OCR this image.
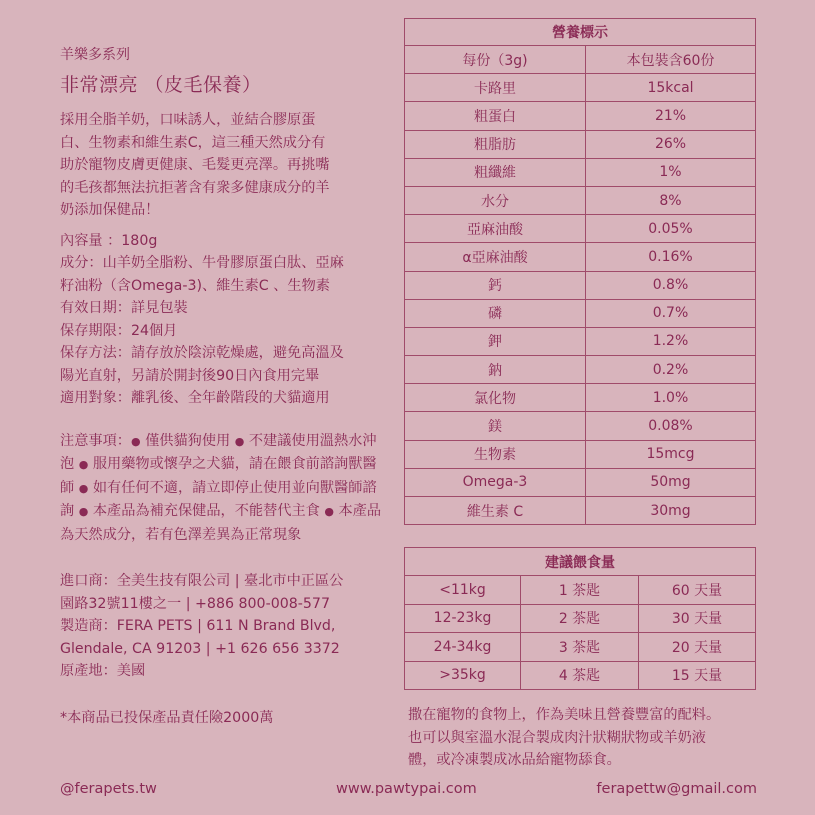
羊樂多系列
非常漂亮 （皮毛保養）
採用全脂羊奶，口味誘人，並結合膠原蛋
白、生物素和維生素C，這三種天然成分有
助於寵物皮膚更健康、毛髮更亮澤。再挑嘴
的毛孩都無法抗拒著含有衆多健康成分的羊
奶添加保健品！
內容量 ：180g
成分：山羊奶全脂粉、牛骨膠原蛋白肽、亞麻
籽油粉（含Omega-3)、維生素C 、生物素
有效日期：詳見包裝
保存期限：24個月
保存方法：請存放於陰涼乾燥處，避免高溫及
陽光直射，另請於開封後90日內食用完畢
適用對象：離乳後、全年齡階段的犬貓適用
注意事項：● 僅供貓狗使用 ● 不建議使用溫熱水沖泡 ● 服用藥物或懷孕之犬貓，請在餵食前諮詢獸醫師 ● 如有任何不適，請立即停止使用並向獸醫師諮詢 ● 本產品為補充保健品，不能替代主食 ● 本產品為天然成分，若有色澤差異為正常現象
進口商：全美生技有限公司 | 臺北市中正區公
園路32號11樓之一 | +886 800-008-577
製造商：FERA PETS | 611 N Brand Blvd,
Glendale, CA 91203 | +1 626 656 3372
原產地：美國
*本商品已投保產品責任險2000萬
營養標示	
每份（3g)	本包裝含60份
卡路里	15kcal
粗蛋白	21%
粗脂肪	26%
粗纖維	1%
水分	8%
亞麻油酸	0.05%
α亞麻油酸	0.16%
鈣	0.8%
磷	0.7%
鉀	1.2%
鈉	0.2%
氯化物	1.0%
鎂	0.08%
生物素	15mcg
Omega-3	50mg
維生素 C	30mg
建議餵食量		
<11kg	1 茶匙	60 天量
12-23kg	2 茶匙	30 天量
24-34kg	3 茶匙	20 天量
>35kg	4 茶匙	15 天量
撒在寵物的食物上，作為美味且營養豐富的配料。
也可以與室溫水混合製成肉汁狀糊狀物或羊奶液
體，或冷凍製成冰品給寵物舔食。
@ferapets.tw	www.pawtypai.com	ferapettw@gmail.com
